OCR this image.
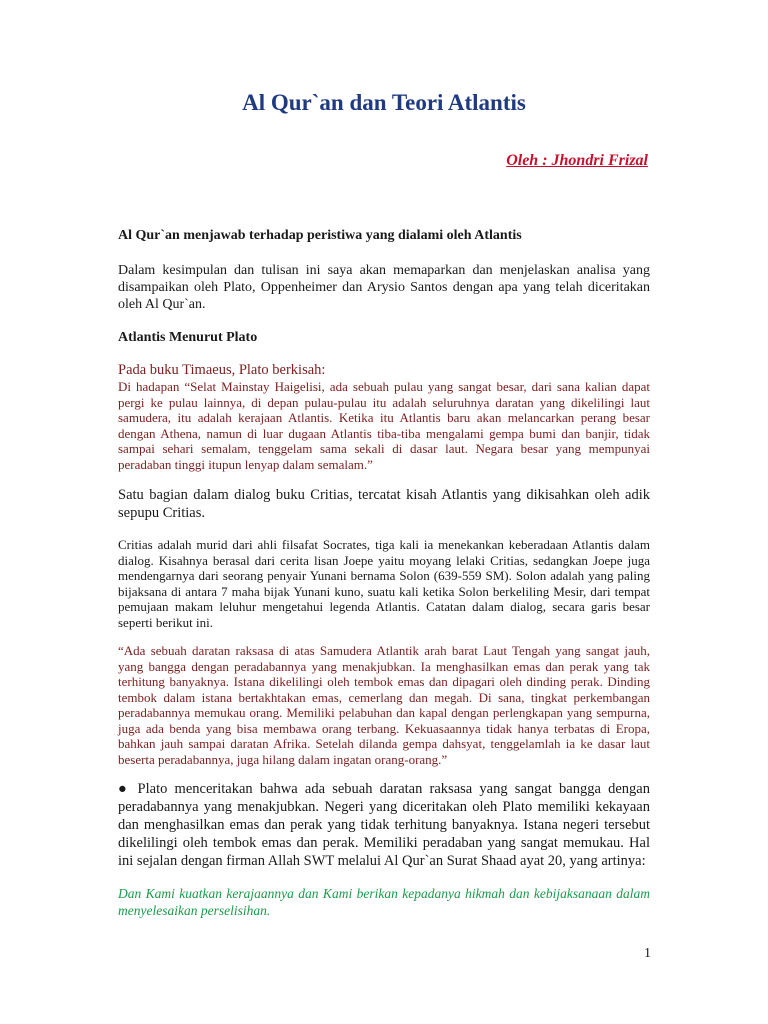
Al Qur`an dan Teori Atlantis
Oleh : Jhondri Frizal
Al Qur`an menjawab terhadap peristiwa yang dialami oleh Atlantis
Dalam kesimpulan dan tulisan ini saya akan memaparkan dan menjelaskan analisa yang disampaikan oleh Plato, Oppenheimer dan Arysio Santos dengan apa yang telah diceritakan oleh Al Qur`an.
Atlantis Menurut Plato
Pada buku Timaeus, Plato berkisah:
Di hadapan “Selat Mainstay Haigelisi, ada sebuah pulau yang sangat besar, dari sana kalian dapat pergi ke pulau lainnya, di depan pulau-pulau itu adalah seluruhnya daratan yang dikelilingi laut samudera, itu adalah kerajaan Atlantis. Ketika itu Atlantis baru akan melancarkan perang besar dengan Athena, namun di luar dugaan Atlantis tiba-tiba mengalami gempa bumi dan banjir, tidak sampai sehari semalam, tenggelam sama sekali di dasar laut. Negara besar yang mempunyai peradaban tinggi itupun lenyap dalam semalam.”
Satu bagian dalam dialog buku Critias, tercatat kisah Atlantis yang dikisahkan oleh adik sepupu Critias.
Critias adalah murid dari ahli filsafat Socrates, tiga kali ia menekankan keberadaan Atlantis dalam dialog. Kisahnya berasal dari cerita lisan Joepe yaitu moyang lelaki Critias, sedangkan Joepe juga mendengarnya dari seorang penyair Yunani bernama Solon (639-559 SM). Solon adalah yang paling bijaksana di antara 7 maha bijak Yunani kuno, suatu kali ketika Solon berkeliling Mesir, dari tempat pemujaan makam leluhur mengetahui legenda Atlantis. Catatan dalam dialog, secara garis besar seperti berikut ini.
“Ada sebuah daratan raksasa di atas Samudera Atlantik arah barat Laut Tengah yang sangat jauh, yang bangga dengan peradabannya yang menakjubkan. Ia menghasilkan emas dan perak yang tak terhitung banyaknya. Istana dikelilingi oleh tembok emas dan dipagari oleh dinding perak. Dinding tembok dalam istana bertakhtakan emas, cemerlang dan megah. Di sana, tingkat perkembangan peradabannya memukau orang. Memiliki pelabuhan dan kapal dengan perlengkapan yang sempurna, juga ada benda yang bisa membawa orang terbang. Kekuasaannya tidak hanya terbatas di Eropa, bahkan jauh sampai daratan Afrika. Setelah dilanda gempa dahsyat, tenggelamlah ia ke dasar laut beserta peradabannya, juga hilang dalam ingatan orang-orang.”
● Plato menceritakan bahwa ada sebuah daratan raksasa yang sangat bangga dengan peradabannya yang menakjubkan. Negeri yang diceritakan oleh Plato memiliki kekayaan dan menghasilkan emas dan perak yang tidak terhitung banyaknya. Istana negeri tersebut dikelilingi oleh tembok emas dan perak. Memiliki peradaban yang sangat memukau. Hal ini sejalan dengan firman Allah SWT melalui Al Qur`an Surat Shaad ayat 20, yang artinya:
Dan Kami kuatkan kerajaannya dan Kami berikan kepadanya hikmah dan kebijaksanaan dalam menyelesaikan perselisihan.
1
